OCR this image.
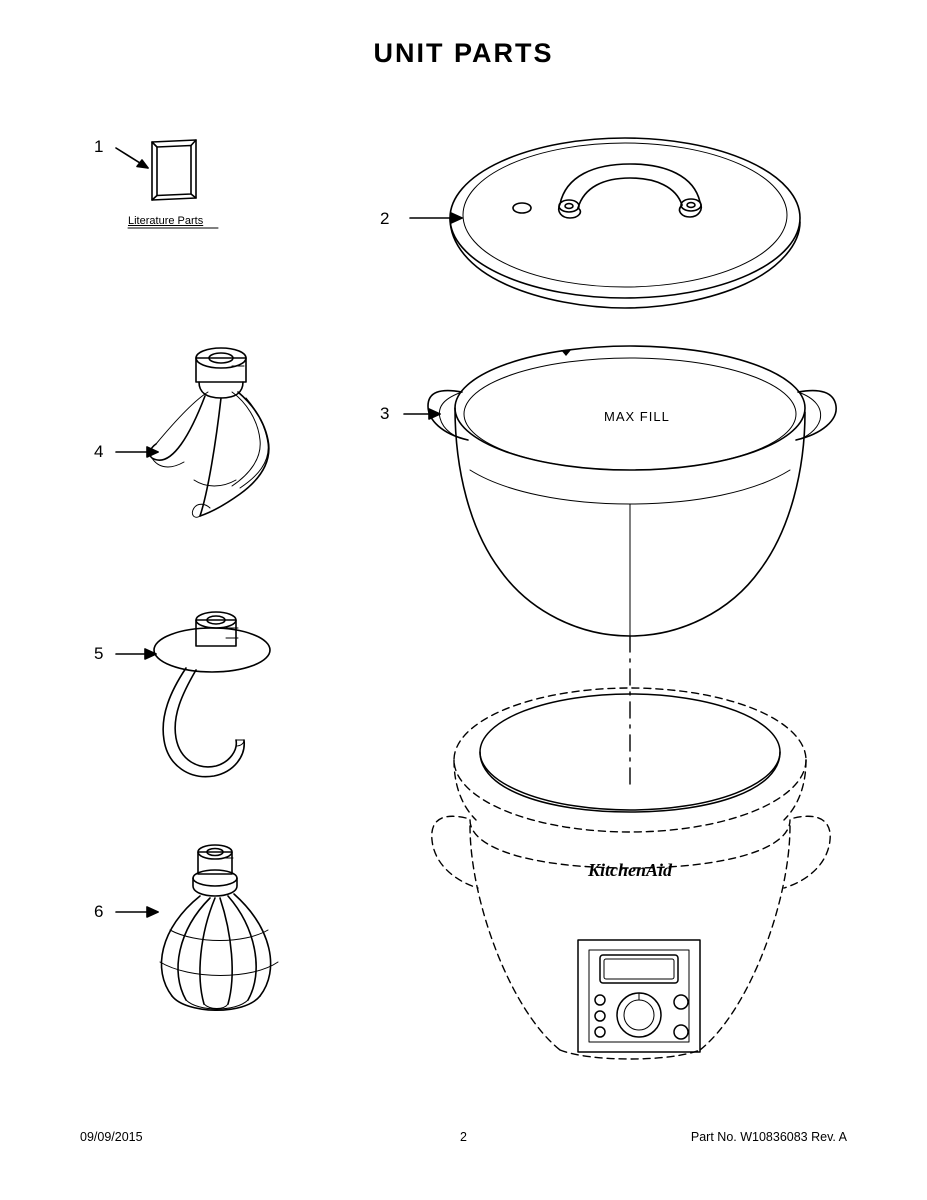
UNIT PARTS
KitchenAid
1
2
3
4
5
6
Literature Parts
MAX FILL
09/09/2015	2	Part No. W10836083 Rev. A
